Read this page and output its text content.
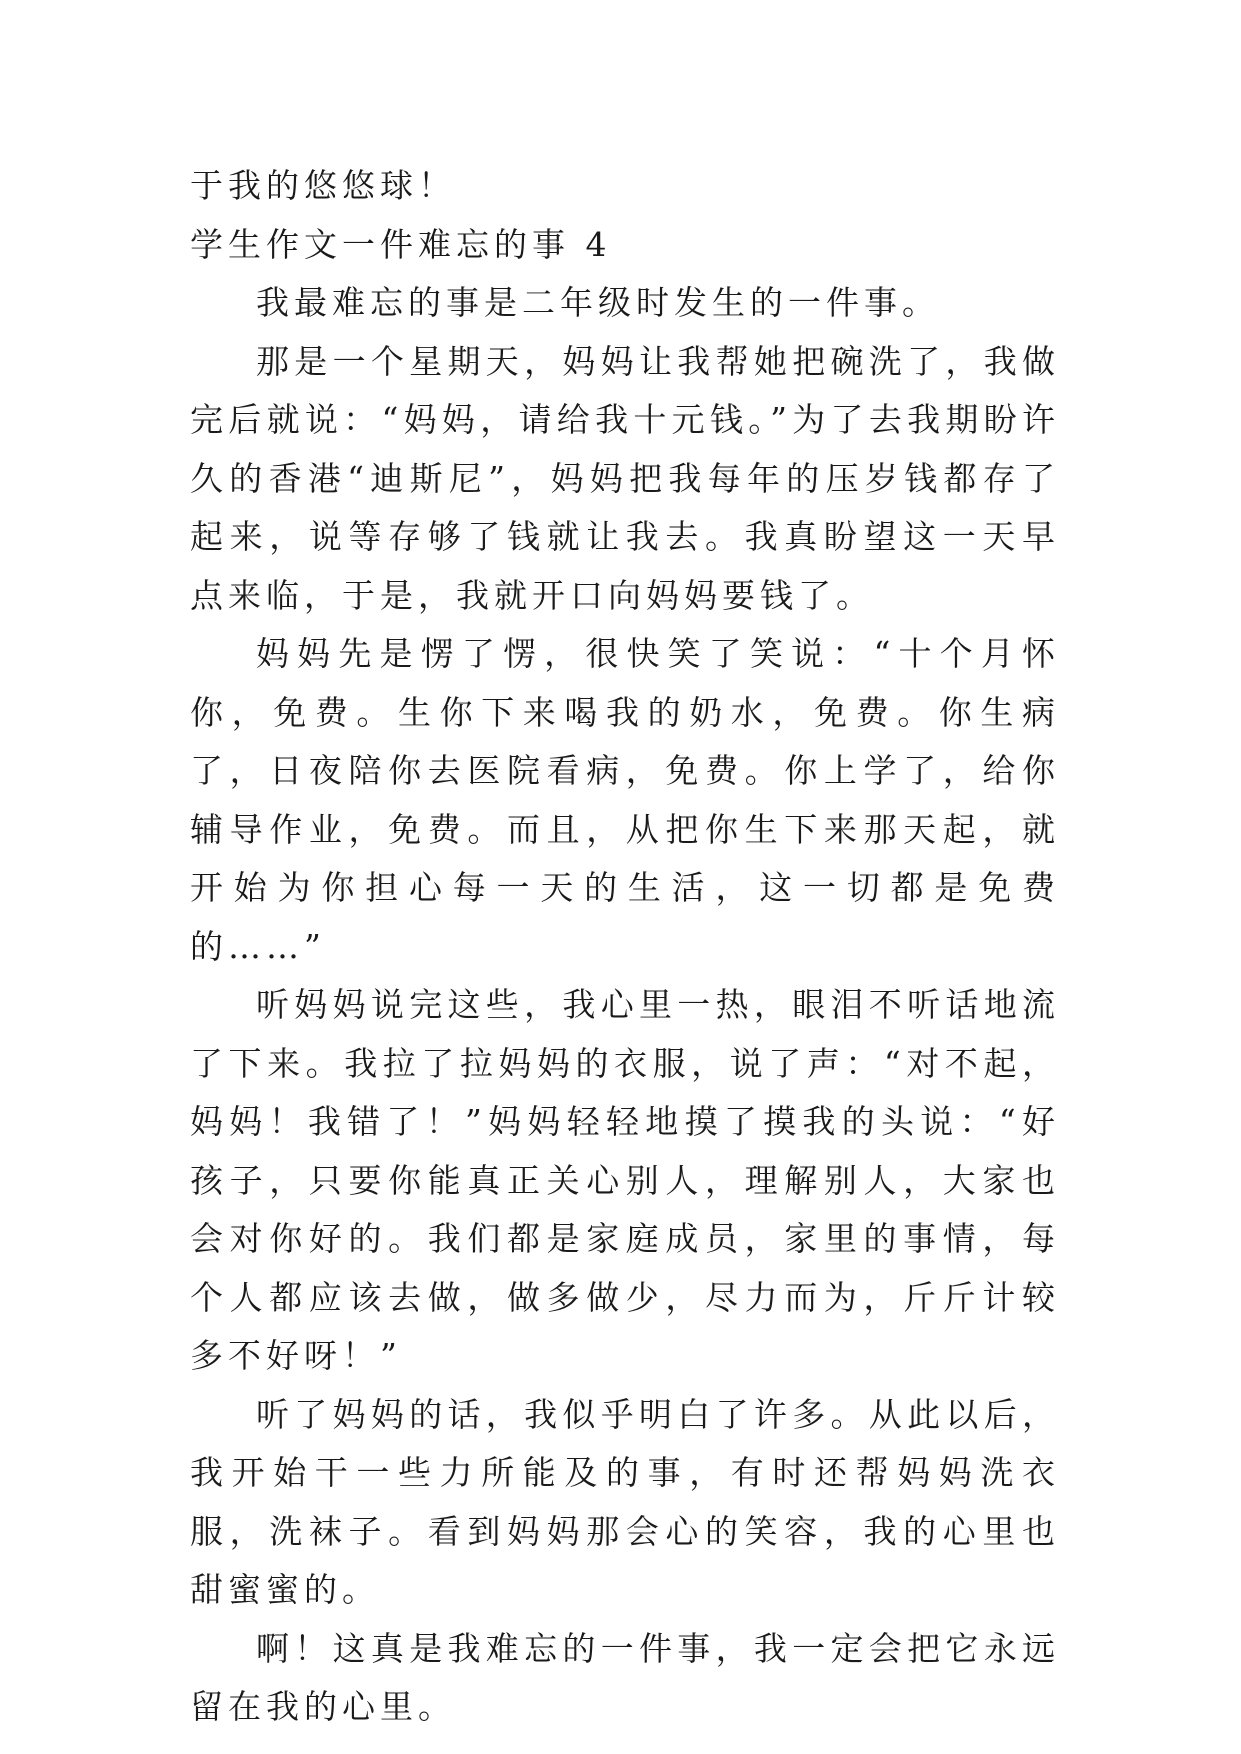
于我的悠悠球！

学生作文一件难忘的事 4

我最难忘的事是二年级时发生的一件事。

那是一个星期天，妈妈让我帮她把碗洗了，我做完后就说：“妈妈，请给我十元钱。”为了去我期盼许久的香港“迪斯尼”，妈妈把我每年的压岁钱都存了起来，说等存够了钱就让我去。我真盼望这一天早点来临，于是，我就开口向妈妈要钱了。

妈妈先是愣了愣，很快笑了笑说：“十个月怀你，免费。生你下来喝我的奶水，免费。你生病了，日夜陪你去医院看病，免费。你上学了，给你辅导作业，免费。而且，从把你生下来那天起，就开始为你担心每一天的生活，这一切都是免费的……”

听妈妈说完这些，我心里一热，眼泪不听话地流了下来。我拉了拉妈妈的衣服，说了声：“对不起，妈妈！我错了！”妈妈轻轻地摸了摸我的头说：“好孩子，只要你能真正关心别人，理解别人，大家也会对你好的。我们都是家庭成员，家里的事情，每个人都应该去做，做多做少，尽力而为，斤斤计较多不好呀！”

听了妈妈的话，我似乎明白了许多。从此以后，我开始干一些力所能及的事，有时还帮妈妈洗衣服，洗袜子。看到妈妈那会心的笑容，我的心里也甜蜜蜜的。

啊！这真是我难忘的一件事，我一定会把它永远留在我的心里。
